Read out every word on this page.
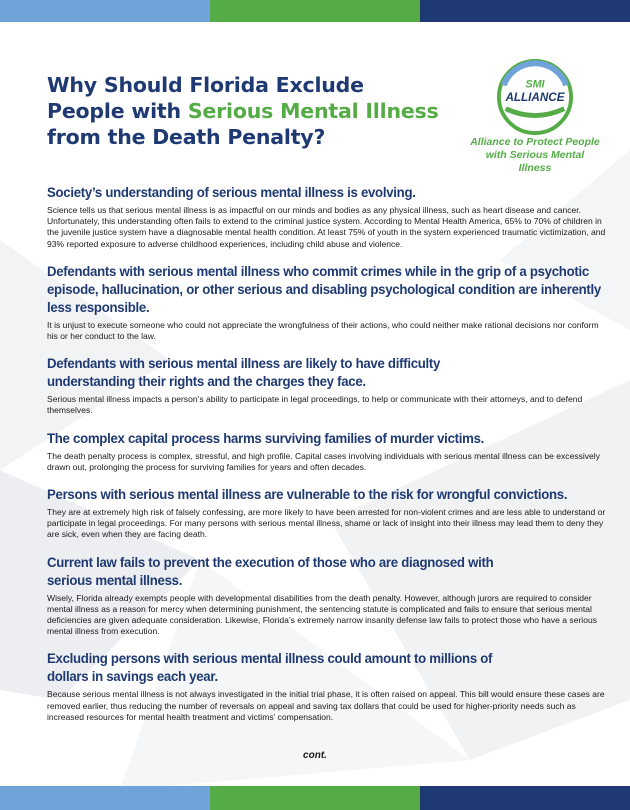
Why Should Florida Exclude
People with Serious Mental Illness
from the Death Penalty?
SMI
ALLIANCE
Alliance to Protect People with Serious Mental Illness
Society’s understanding of serious mental illness is evolving.

Science tells us that serious mental illness is as impactful on our minds and bodies as any physical illness, such as heart disease and cancer. Unfortunately, this understanding often fails to extend to the criminal justice system. According to Mental Health America, 65% to 70% of children in the juvenile justice system have a diagnosable mental health condition. At least 75% of youth in the system experienced traumatic victimization, and 93% reported exposure to adverse childhood experiences, including child abuse and violence.

Defendants with serious mental illness who commit crimes while in the grip of a psychotic episode, hallucination, or other serious and disabling psychological condition are inherently less responsible.

It is unjust to execute someone who could not appreciate the wrongfulness of their actions, who could neither make rational decisions nor conform his or her conduct to the law.

Defendants with serious mental illness are likely to have difficulty understanding their rights and the charges they face.

Serious mental illness impacts a person’s ability to participate in legal proceedings, to help or communicate with their attorneys, and to defend themselves.

The complex capital process harms surviving families of murder victims.

The death penalty process is complex, stressful, and high profile. Capital cases involving individuals with serious mental illness can be excessively drawn out, prolonging the process for surviving families for years and often decades.

Persons with serious mental illness are vulnerable to the risk for wrongful convictions.

They are at extremely high risk of falsely confessing, are more likely to have been arrested for non-violent crimes and are less able to understand or participate in legal proceedings. For many persons with serious mental illness, shame or lack of insight into their illness may lead them to deny they are sick, even when they are facing death.

Current law fails to prevent the execution of those who are diagnosed with serious mental illness.

Wisely, Florida already exempts people with developmental disabilities from the death penalty. However, although jurors are required to consider mental illness as a reason for mercy when determining punishment, the sentencing statute is complicated and fails to ensure that serious mental deficiencies are given adequate consideration. Likewise, Florida’s extremely narrow insanity defense law fails to protect those who have a serious mental illness from execution.

Excluding persons with serious mental illness could amount to millions of dollars in savings each year.

Because serious mental illness is not always investigated in the initial trial phase, it is often raised on appeal. This bill would ensure these cases are removed earlier, thus reducing the number of reversals on appeal and saving tax dollars that could be used for higher-priority needs such as increased resources for mental health treatment and victims’ compensation.

cont.
